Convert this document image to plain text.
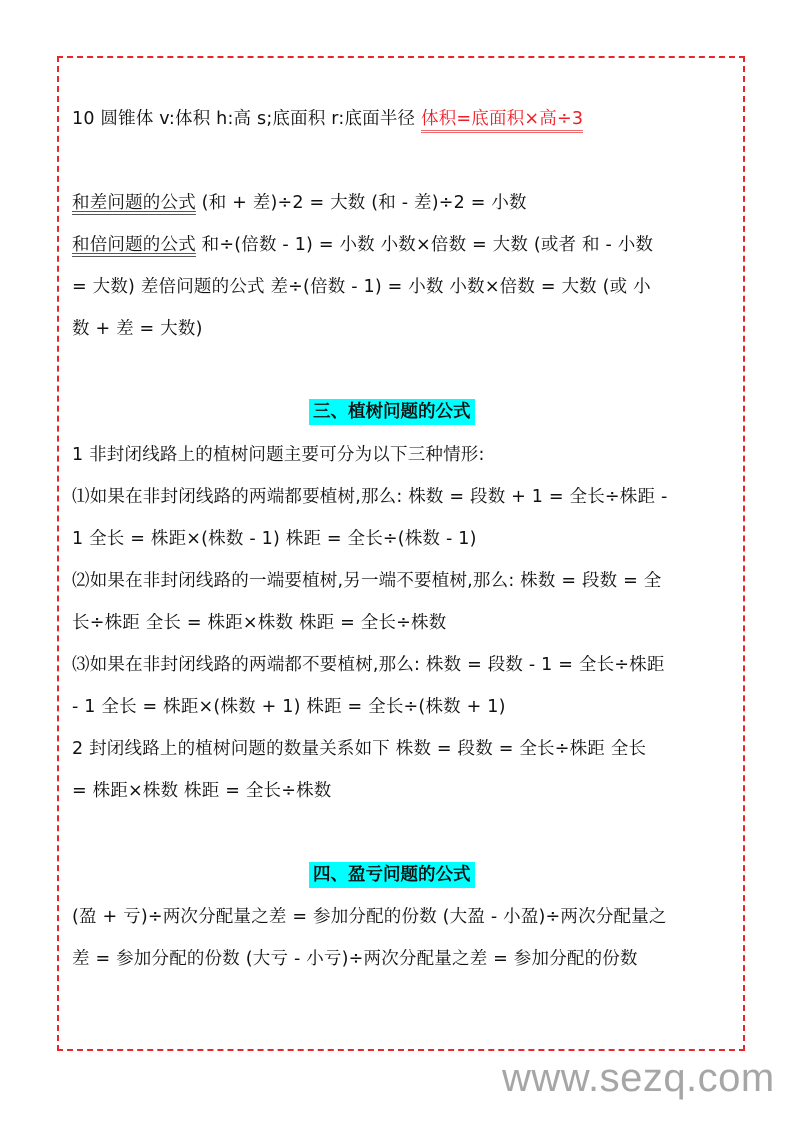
10 圆锥体 v:体积 h:高 s;底面积 r:底面半径 体积=底面积×高÷3
和差问题的公式 (和 + 差)÷2 = 大数 (和 - 差)÷2 = 小数
和倍问题的公式 和÷(倍数 - 1) = 小数 小数×倍数 = 大数 (或者 和 - 小数
= 大数) 差倍问题的公式 差÷(倍数 - 1) = 小数 小数×倍数 = 大数 (或 小
数 + 差 = 大数)
三、植树问题的公式
1 非封闭线路上的植树问题主要可分为以下三种情形:
⑴如果在非封闭线路的两端都要植树,那么: 株数 = 段数 + 1 = 全长÷株距 -
1 全长 = 株距×(株数 - 1) 株距 = 全长÷(株数 - 1)
⑵如果在非封闭线路的一端要植树,另一端不要植树,那么: 株数 = 段数 = 全
长÷株距 全长 = 株距×株数 株距 = 全长÷株数
⑶如果在非封闭线路的两端都不要植树,那么: 株数 = 段数 - 1 = 全长÷株距
- 1 全长 = 株距×(株数 + 1) 株距 = 全长÷(株数 + 1)
2 封闭线路上的植树问题的数量关系如下 株数 = 段数 = 全长÷株距 全长
= 株距×株数 株距 = 全长÷株数
四、盈亏问题的公式
(盈 + 亏)÷两次分配量之差 = 参加分配的份数 (大盈 - 小盈)÷两次分配量之
差 = 参加分配的份数 (大亏 - 小亏)÷两次分配量之差 = 参加分配的份数
www.sezq.com
